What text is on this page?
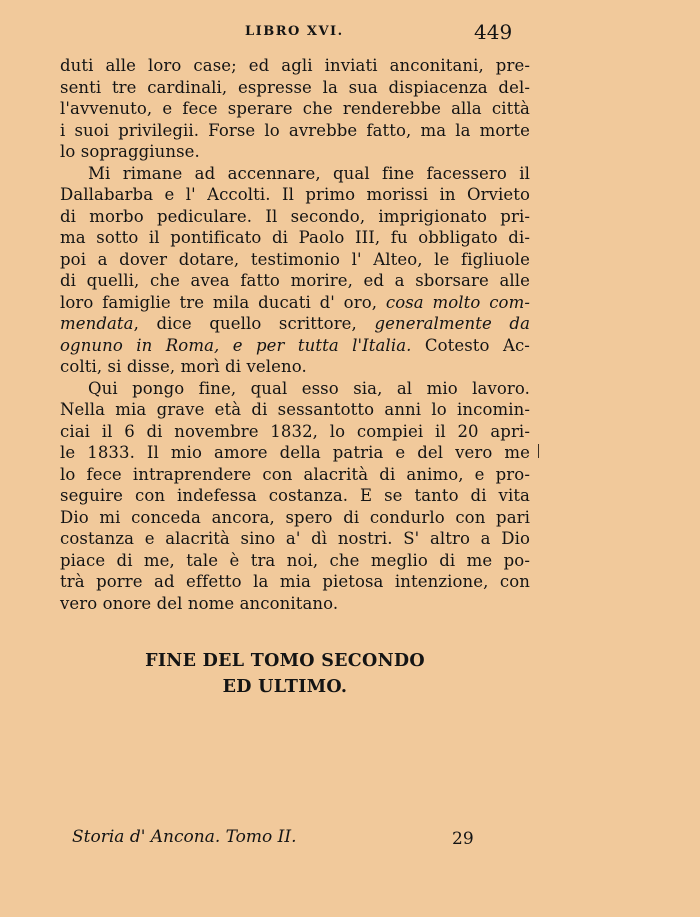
LIBRO XVI.	449
duti alle loro case; ed agli inviati anconitani, pre-
senti tre cardinali, espresse la sua dispiacenza del-
l'avvenuto, e fece sperare che renderebbe alla città
i suoi privilegii. Forse lo avrebbe fatto, ma la morte
lo sopraggiunse.
Mi rimane ad accennare, qual fine facessero il
Dallabarba e l' Accolti. Il primo morissi in Orvieto
di morbo pediculare. Il secondo, imprigionato pri-
ma sotto il pontificato di Paolo III, fu obbligato di-
poi a dover dotare, testimonio l' Alteo, le figliuole
di quelli, che avea fatto morire, ed a sborsare alle
loro famiglie tre mila ducati d' oro, cosa molto com-
mendata, dice quello scrittore, generalmente da
ognuno in Roma, e per tutta l'Italia. Cotesto Ac-
colti, si disse, morì di veleno.
Qui pongo fine, qual esso sia, al mio lavoro.
Nella mia grave età di sessantotto anni lo incomin-
ciai il 6 di novembre 1832, lo compiei il 20 apri-
le 1833. Il mio amore della patria e del vero me
lo fece intraprendere con alacrità di animo, e pro-
seguire con indefessa costanza. E se tanto di vita
Dio mi conceda ancora, spero di condurlo con pari
costanza e alacrità sino a' dì nostri. S' altro a Dio
piace di me, tale è tra noi, che meglio di me po-
trà porre ad effetto la mia pietosa intenzione, con
vero onore del nome anconitano.
FINE DEL TOMO SECONDO
ED ULTIMO.
Storia d' Ancona. Tomo II.	29
